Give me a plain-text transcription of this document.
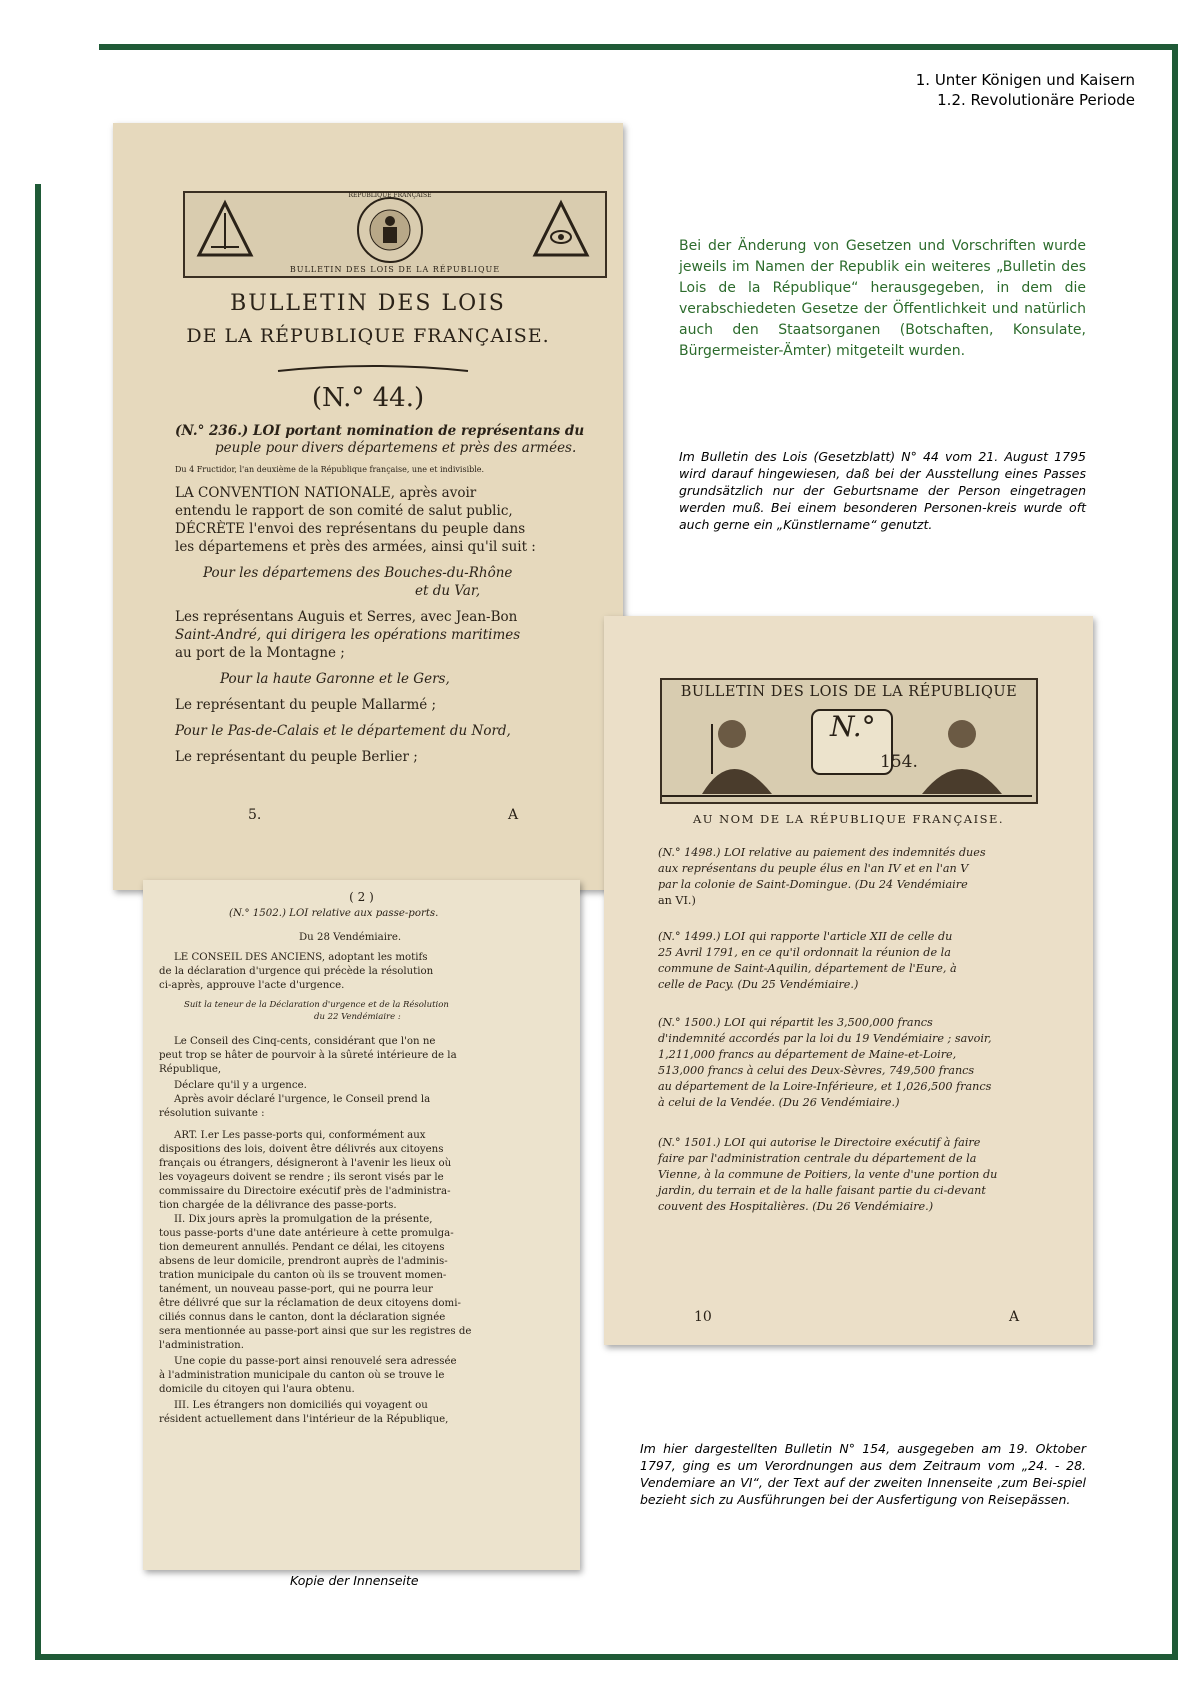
1. Unter Königen und Kaisern
1.2. Revolutionäre Periode
BULLETIN DES LOIS DE LA RÉPUBLIQUE
RÉPUBLIQUE FRANÇAISE
BULLETIN DES LOIS
DE LA RÉPUBLIQUE FRANÇAISE.
(N.° 44.)
(N.° 236.) LOI portant nomination de représentans du
peuple pour divers départemens et près des armées.
Du 4 Fructidor, l'an deuxième de la République française, une et indivisible.
LA CONVENTION NATIONALE, après avoir
entendu le rapport de son comité de salut public,
DÉCRÈTE l'envoi des représentans du peuple dans
les départemens et près des armées, ainsi qu'il suit :
Pour les départemens des Bouches-du-Rhône
et du Var,
Les représentans Auguis et Serres, avec Jean-Bon
Saint-André, qui dirigera les opérations maritimes
au port de la Montagne ;
Pour la haute Garonne et le Gers,
Le représentant du peuple Mallarmé ;
Pour le Pas-de-Calais et le département du Nord,
Le représentant du peuple Berlier ;
5.	A
( 2 )
(N.° 1502.) LOI relative aux passe-ports.
Du 28 Vendémiaire.
LE CONSEIL DES ANCIENS, adoptant les motifs
de la déclaration d'urgence qui précède la résolution
ci-après, approuve l'acte d'urgence.
Suit la teneur de la Déclaration d'urgence et de la Résolution
du 22 Vendémiaire :
Le Conseil des Cinq-cents, considérant que l'on ne
peut trop se hâter de pourvoir à la sûreté intérieure de la
République,
Déclare qu'il y a urgence.
Après avoir déclaré l'urgence, le Conseil prend la
résolution suivante :
ART. I.er Les passe-ports qui, conformément aux
dispositions des lois, doivent être délivrés aux citoyens
français ou étrangers, désigneront à l'avenir les lieux où
les voyageurs doivent se rendre ; ils seront visés par le
commissaire du Directoire exécutif près de l'administra-
tion chargée de la délivrance des passe-ports.
II. Dix jours après la promulgation de la présente,
tous passe-ports d'une date antérieure à cette promulga-
tion demeurent annullés. Pendant ce délai, les citoyens
absens de leur domicile, prendront auprès de l'adminis-
tration municipale du canton où ils se trouvent momen-
tanément, un nouveau passe-port, qui ne pourra leur
être délivré que sur la réclamation de deux citoyens domi-
ciliés connus dans le canton, dont la déclaration signée
sera mentionnée au passe-port ainsi que sur les registres de
l'administration.
Une copie du passe-port ainsi renouvelé sera adressée
à l'administration municipale du canton où se trouve le
domicile du citoyen qui l'aura obtenu.
III. Les étrangers non domiciliés qui voyagent ou
résident actuellement dans l'intérieur de la République,
BULLETIN DES LOIS DE LA RÉPUBLIQUE
N.°
154.
AU NOM DE LA RÉPUBLIQUE FRANÇAISE.
(N.° 1498.) LOI relative au paiement des indemnités dues
aux représentans du peuple élus en l'an IV et en l'an V
par la colonie de Saint-Domingue. (Du 24 Vendémiaire
an VI.)
(N.° 1499.) LOI qui rapporte l'article XII de celle du
25 Avril 1791, en ce qu'il ordonnait la réunion de la
commune de Saint-Aquilin, département de l'Eure, à
celle de Pacy. (Du 25 Vendémiaire.)
(N.° 1500.) LOI qui répartit les 3,500,000 francs
d'indemnité accordés par la loi du 19 Vendémiaire ; savoir,
1,211,000 francs au département de Maine-et-Loire,
513,000 francs à celui des Deux-Sèvres, 749,500 francs
au département de la Loire-Inférieure, et 1,026,500 francs
à celui de la Vendée. (Du 26 Vendémiaire.)
(N.° 1501.) LOI qui autorise le Directoire exécutif à faire
faire par l'administration centrale du département de la
Vienne, à la commune de Poitiers, la vente d'une portion du
jardin, du terrain et de la halle faisant partie du ci-devant
couvent des Hospitalières. (Du 26 Vendémiaire.)
10	A
Bei der Änderung von Gesetzen und Vorschriften wurde jeweils im Namen der Republik ein weiteres „Bulletin des Lois de la République“ herausgegeben, in dem die verabschiedeten Gesetze der Öffentlichkeit und natürlich auch den Staatsorganen (Botschaften, Konsulate, Bürgermeister-Ämter) mitgeteilt wurden.
Im Bulletin des Lois (Gesetzblatt) N° 44 vom 21. August 1795 wird darauf hingewiesen, daß bei der Ausstellung eines Passes grundsätzlich nur der Geburtsname der Person eingetragen werden muß. Bei einem besonderen Personen-kreis wurde oft auch gerne ein „Künstlername“ genutzt.
Im hier dargestellten Bulletin N° 154, ausgegeben am 19. Oktober 1797, ging es um Verordnungen aus dem Zeitraum vom „24. - 28. Vendemiare an VI“, der Text auf der zweiten Innenseite ‚zum Bei-spiel bezieht sich zu Ausführungen bei der Ausfertigung von Reisepässen.
Kopie der Innenseite
